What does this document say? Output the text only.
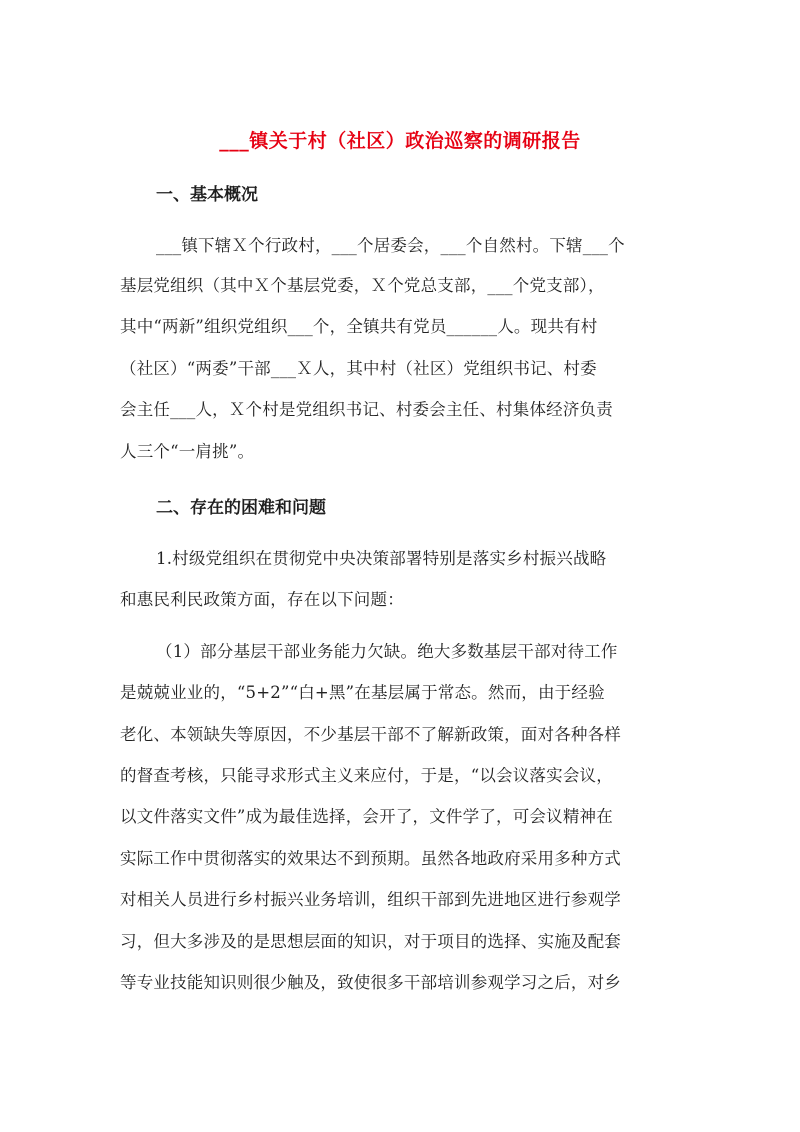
___镇关于村（社区）政治巡察的调研报告
一、基本概况
___镇下辖Ｘ个行政村，___个居委会，___个自然村。下辖___个
基层党组织（其中Ｘ个基层党委，Ｘ个党总支部，___个党支部），
其中“两新”组织党组织___个，全镇共有党员______人。现共有村
（社区）“两委”干部___Ｘ人，其中村（社区）党组织书记、村委
会主任___人，Ｘ个村是党组织书记、村委会主任、村集体经济负责
人三个“一肩挑”。
二、存在的困难和问题
1.村级党组织在贯彻党中央决策部署特别是落实乡村振兴战略
和惠民利民政策方面，存在以下问题：
（1）部分基层干部业务能力欠缺。绝大多数基层干部对待工作
是兢兢业业的，“5+2”“白+黑”在基层属于常态。然而，由于经验
老化、本领缺失等原因，不少基层干部不了解新政策，面对各种各样
的督查考核，只能寻求形式主义来应付，于是，“以会议落实会议，
以文件落实文件”成为最佳选择，会开了，文件学了，可会议精神在
实际工作中贯彻落实的效果达不到预期。虽然各地政府采用多种方式
对相关人员进行乡村振兴业务培训，组织干部到先进地区进行参观学
习，但大多涉及的是思想层面的知识，对于项目的选择、实施及配套
等专业技能知识则很少触及，致使很多干部培训参观学习之后，对乡
